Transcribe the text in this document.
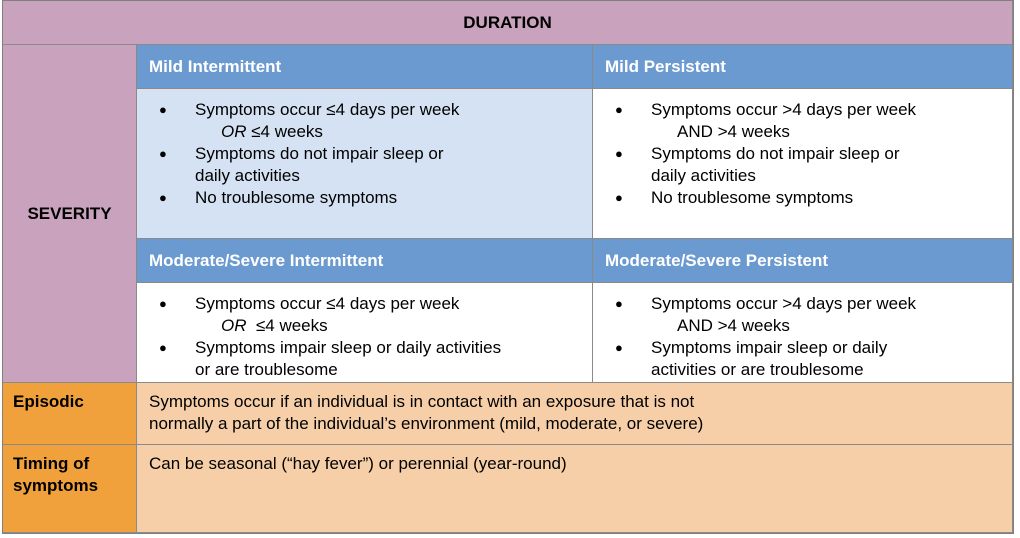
DURATION
SEVERITY
Mild Intermittent
● Symptoms occur ≤4 days per week
OR ≤4 weeks
● Symptoms do not impair sleep or
daily activities
● No troublesome symptoms
Mild Persistent
● Symptoms occur >4 days per week
AND >4 weeks
● Symptoms do not impair sleep or
daily activities
● No troublesome symptoms
Moderate/Severe Intermittent
● Symptoms occur ≤4 days per week
OR  ≤4 weeks
● Symptoms impair sleep or daily activities
or are troublesome
Moderate/Severe Persistent
● Symptoms occur >4 days per week
AND >4 weeks
● Symptoms impair sleep or daily
activities or are troublesome
Episodic	Symptoms occur if an individual is in contact with an exposure that is not
normally a part of the individual’s environment (mild, moderate, or severe)
Timing of
symptoms
Can be seasonal (“hay fever”) or perennial (year-round)
